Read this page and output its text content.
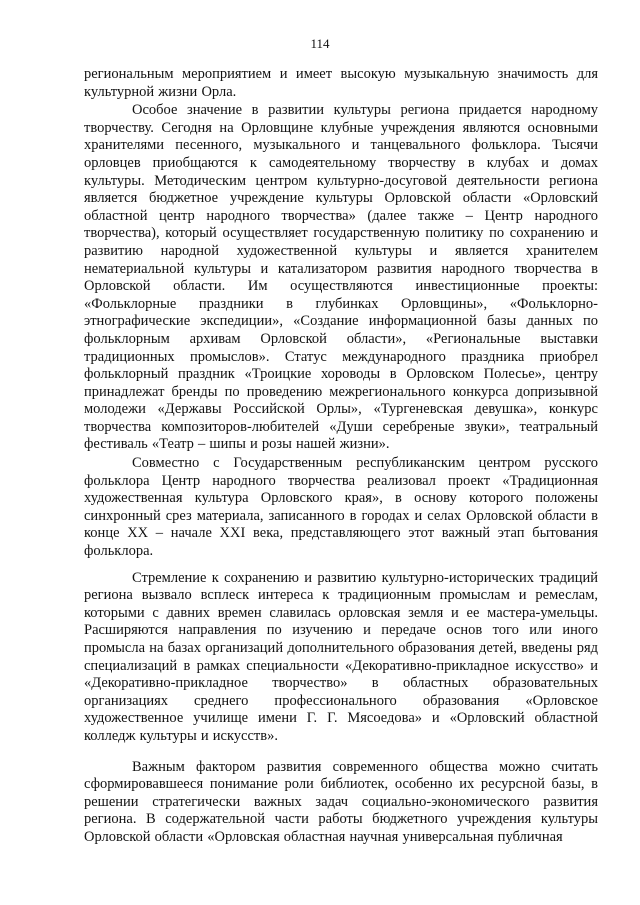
114

региональным мероприятием и имеет высокую музыкальную значимость для культурной жизни Орла.

Особое значение в развитии культуры региона придается народному творчеству. Сегодня на Орловщине клубные учреждения являются основными хранителями песенного, музыкального и танцевального фольклора. Тысячи орловцев приобщаются к самодеятельному творчеству в клубах и домах культуры. Методическим центром культурно-досуговой деятельности региона является бюджетное учреждение культуры Орловской области «Орловский областной центр народного творчества» (далее также – Центр народного творчества), который осуществляет государственную политику по сохранению и развитию народной художественной культуры и является хранителем нематериальной культуры и катализатором развития народного творчества в Орловской области. Им осуществляются инвестиционные проекты: «Фольклорные праздники в глубинках Орловщины», «Фольклорно-этнографические экспедиции», «Создание информационной базы данных по фольклорным архивам Орловской области», «Региональные выставки традиционных промыслов». Статус международного праздника приобрел фольклорный праздник «Троицкие хороводы в Орловском Полесье», центру принадлежат бренды по проведению межрегионального конкурса допризывной молодежи «Державы Российской Орлы», «Тургеневская девушка», конкурс творчества композиторов-любителей «Души серебреные звуки», театральный фестиваль «Театр – шипы и розы нашей жизни».

Совместно с Государственным республиканским центром русского фольклора Центр народного творчества реализовал проект «Традиционная художественная культура Орловского края», в основу которого положены синхронный срез материала, записанного в городах и селах Орловской области в конце XX – начале XXI века, представляющего этот важный этап бытования фольклора.

Стремление к сохранению и развитию культурно-исторических традиций региона вызвало всплеск интереса к традиционным промыслам и ремеслам, которыми с давних времен славилась орловская земля и ее мастера-умельцы. Расширяются направления по изучению и передаче основ того или иного промысла на базах организаций дополнительного образования детей, введены ряд специализаций в рамках специальности «Декоративно-прикладное искусство» и «Декоративно-прикладное творчество» в областных образовательных организациях среднего профессионального образования «Орловское художественное училище имени Г. Г. Мясоедова» и «Орловский областной колледж культуры и искусств».

Важным фактором развития современного общества можно считать сформировавшееся понимание роли библиотек, особенно их ресурсной базы, в решении стратегически важных задач социально-экономического развития региона. В содержательной части работы бюджетного учреждения культуры Орловской области «Орловская областная научная универсальная публичная
